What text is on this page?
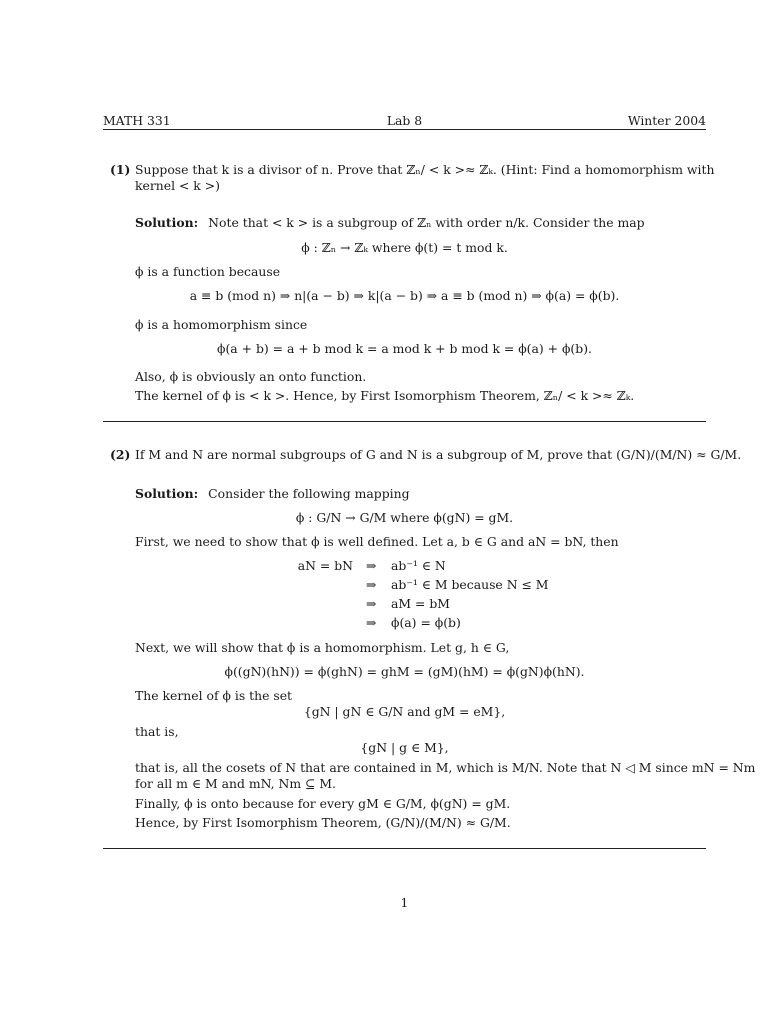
MATH 331	Lab 8	Winter 2004
(1) Suppose that k is a divisor of n. Prove that ℤₙ/ < k >≈ ℤₖ. (Hint: Find a homomorphism with
kernel < k >)
Solution: Note that < k > is a subgroup of ℤₙ with order n/k. Consider the map
ϕ : ℤₙ → ℤₖ where ϕ(t) = t mod k.
ϕ is a function because
a ≡ b (mod n) ⇒ n|(a − b) ⇒ k|(a − b) ⇒ a ≡ b (mod n) ⇒ ϕ(a) = ϕ(b).
ϕ is a homomorphism since
ϕ(a + b) = a + b mod k = a mod k + b mod k = ϕ(a) + ϕ(b).
Also, ϕ is obviously an onto function.
The kernel of ϕ is < k >. Hence, by First Isomorphism Theorem, ℤₙ/ < k >≈ ℤₖ.
(2) If M and N are normal subgroups of G and N is a subgroup of M, prove that (G/N)/(M/N) ≈ G/M.
Solution: Consider the following mapping
ϕ : G/N → G/M where ϕ(gN) = gM.
First, we need to show that ϕ is well defined. Let a, b ∈ G and aN = bN, then
aN = bN ⇒ ab⁻¹ ∈ N
⇒ ab⁻¹ ∈ M because N ≤ M
⇒ aM = bM
⇒ ϕ(a) = ϕ(b)
Next, we will show that ϕ is a homomorphism. Let g, h ∈ G,
ϕ((gN)(hN)) = ϕ(ghN) = ghM = (gM)(hM) = ϕ(gN)ϕ(hN).
The kernel of ϕ is the set
{gN | gN ∈ G/N and gM = eM},
that is,
{gN | g ∈ M},
that is, all the cosets of N that are contained in M, which is M/N. Note that N ◁ M since mN = Nm
for all m ∈ M and mN, Nm ⊆ M.
Finally, ϕ is onto because for every gM ∈ G/M, ϕ(gN) = gM.
Hence, by First Isomorphism Theorem, (G/N)/(M/N) ≈ G/M.
1
